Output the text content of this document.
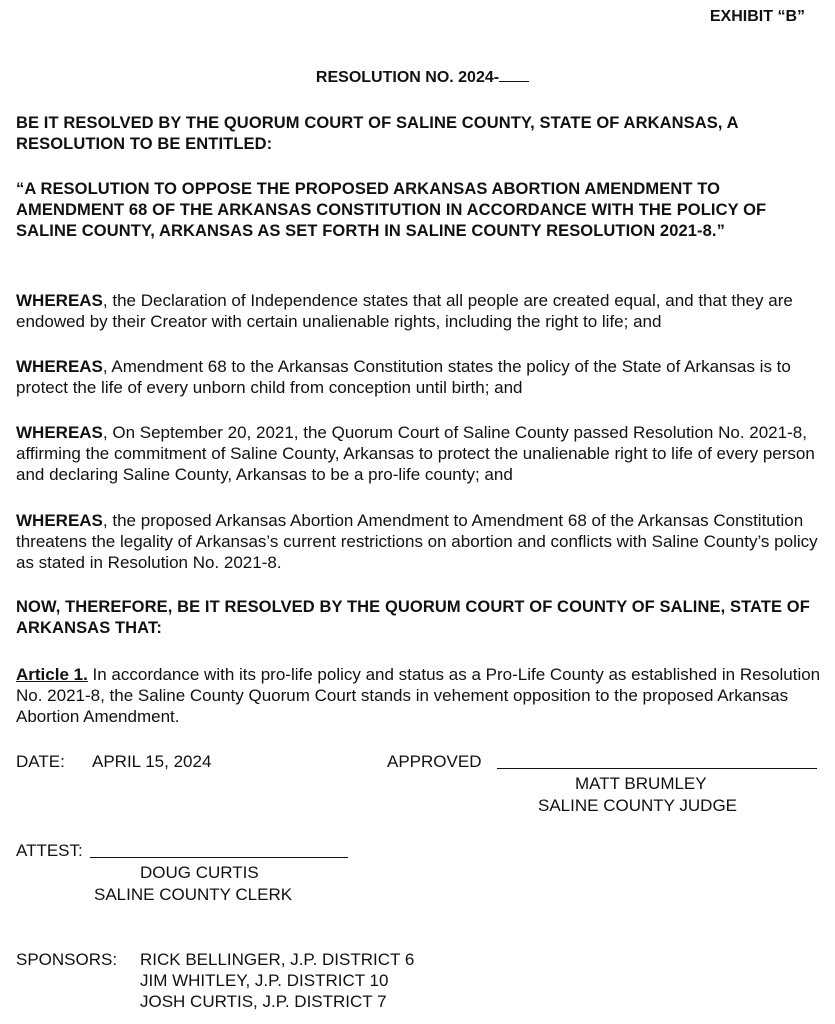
EXHIBIT “B”
RESOLUTION NO. 2024-
BE IT RESOLVED BY THE QUORUM COURT OF SALINE COUNTY, STATE OF ARKANSAS, A RESOLUTION TO BE ENTITLED:
“A RESOLUTION TO OPPOSE THE PROPOSED ARKANSAS ABORTION AMENDMENT TO AMENDMENT 68 OF THE ARKANSAS CONSTITUTION IN ACCORDANCE WITH THE POLICY OF SALINE COUNTY, ARKANSAS AS SET FORTH IN SALINE COUNTY RESOLUTION 2021-8.”
WHEREAS, the Declaration of Independence states that all people are created equal, and that they are endowed by their Creator with certain unalienable rights, including the right to life; and
WHEREAS, Amendment 68 to the Arkansas Constitution states the policy of the State of Arkansas is to protect the life of every unborn child from conception until birth; and
WHEREAS, On September 20, 2021, the Quorum Court of Saline County passed Resolution No. 2021-8, affirming the commitment of Saline County, Arkansas to protect the unalienable right to life of every person and declaring Saline County, Arkansas to be a pro-life county; and
WHEREAS, the proposed Arkansas Abortion Amendment to Amendment 68 of the Arkansas Constitution threatens the legality of Arkansas’s current restrictions on abortion and conflicts with Saline County’s policy as stated in Resolution No. 2021-8.
NOW, THEREFORE, BE IT RESOLVED BY THE QUORUM COURT OF COUNTY OF SALINE, STATE OF ARKANSAS THAT:
Article 1. In accordance with its pro-life policy and status as a Pro-Life County as established in Resolution No. 2021-8, the Saline County Quorum Court stands in vehement opposition to the proposed Arkansas Abortion Amendment.
DATE: APRIL 15, 2024	APPROVED
MATT BRUMLEY
SALINE COUNTY JUDGE
ATTEST:
DOUG CURTIS
SALINE COUNTY CLERK
SPONSORS: RICK BELLINGER, J.P. DISTRICT 6
JIM WHITLEY, J.P. DISTRICT 10
JOSH CURTIS, J.P. DISTRICT 7
